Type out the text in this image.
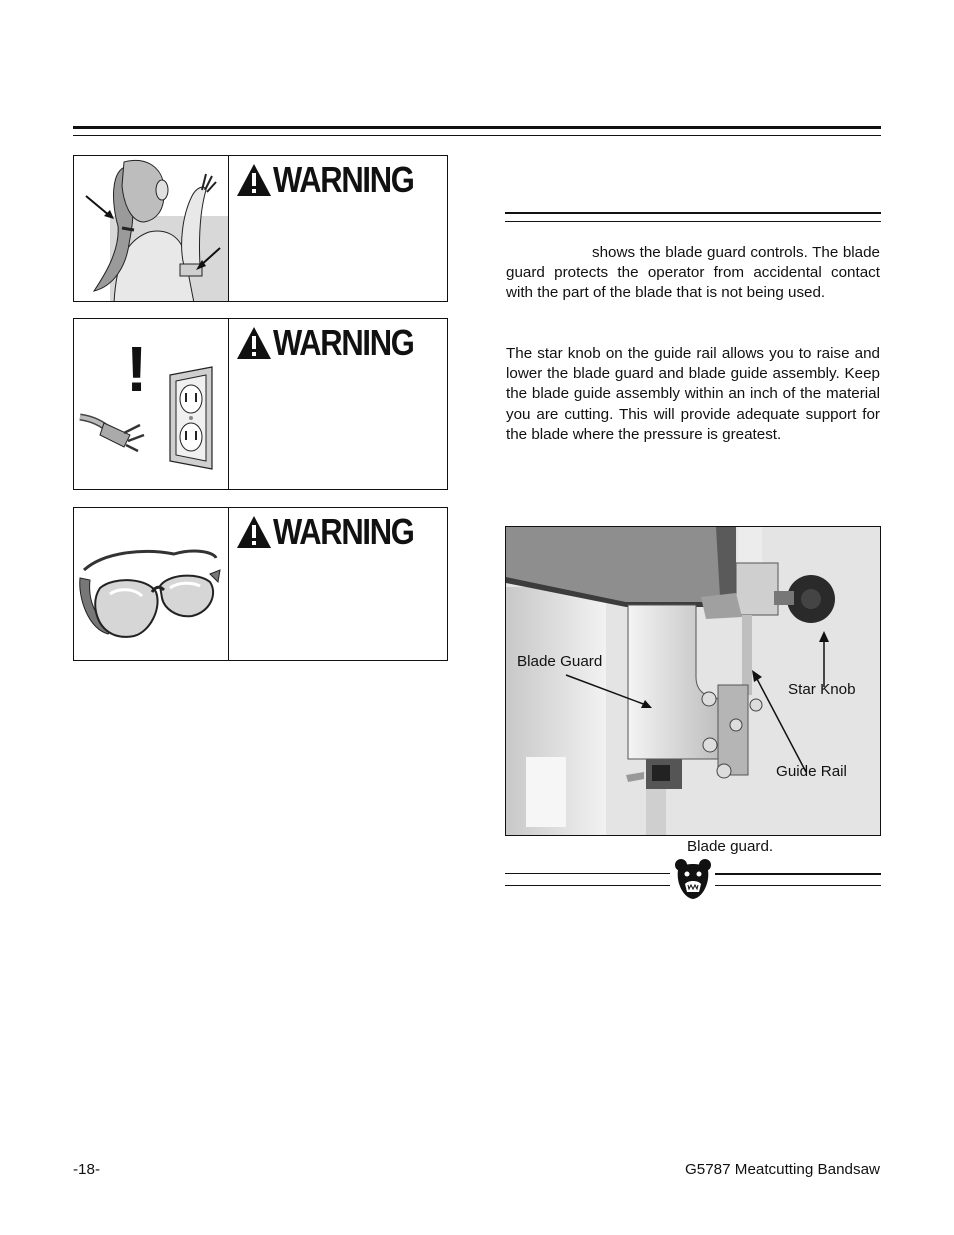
WARNING
!	WARNING
WARNING
shows the blade guard controls. The blade guard protects the operator from accidental contact with the part of the blade that is not being used.
The star knob on the guide rail allows you to raise and lower the blade guard and blade guide assembly. Keep the blade guide assembly within an inch of the material you are cutting. This will provide adequate support for the blade where the pressure is greatest.
Blade Guard
Star Knob
Guide Rail
Blade guard.
-18-	G5787 Meatcutting Bandsaw
